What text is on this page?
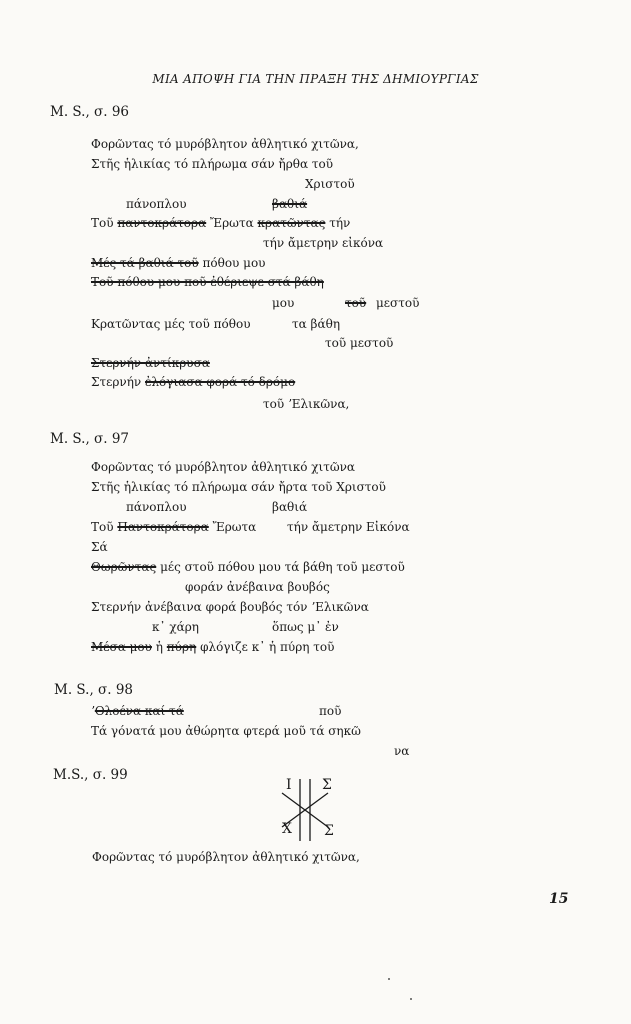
ΜΙΑ ΑΠΟΨΗ ΓΙΑ ΤΗΝ ΠΡΑΞΗ ΤΗΣ ΔΗΜΙΟΥΡΓΙΑΣ
M. S., σ. 96
Φορῶντας τό μυρόβλητον ἀθλητικό χιτῶνα,
Στῆς ἡλικίας τό πλήρωμα σάν ἤρθα τοῦ
Χριστοῦ
πάνοπλου	βαθιά
Τοῦ παντοκράτορα Ἔρωτα κρατῶντας τήν
τήν ἄμετρην εἰκόνα
Μές τά βαθιά τοῦ πόθου μου
Τοῦ πόθου μου ποῦ ἐθέριεψε στά βάθη
μου	τοῦ μεστοῦ
Κρατῶντας μές τοῦ πόθου	τα βάθη
τοῦ μεστοῦ
Στερνήν ἀντίκρυσα
Στερνήν ἐλόγιασα φορά τό δρόμο
τοῦ ʼΕλικῶνα,
M. S., σ. 97
Φορῶντας τό μυρόβλητον ἀθλητικό χιτῶνα
Στῆς ἡλικίας τό πλήρωμα σάν ἤρτα τοῦ Χριστοῦ
πάνοπλου	βαθιά
Τοῦ Παντοκράτορα Ἔρωτα	τήν ἄμετρην Εἰκόνα
Σά
Θωρῶντας μές στοῦ πόθου μου τά βάθη τοῦ μεστοῦ
φοράν ἀνέβαινα βουβός
Στερνήν ἀνέβαινα φορά βουβός τόν ʼΕλικῶνα
κ᾽ χάρη	ὅπως μ᾽ ἐν
Μέσα μου ἡ πύρη φλόγιζε κ᾽ ἡ πύρη τοῦ
M. S., σ. 98
ʼΟλοένα καί τά	ποῦ
Τά γόνατά μου ἀθώρητα φτερά μοῦ τά σηκῶ
να
M.S., σ. 99
Ι Σ
Χ Σ
Φορῶντας τό μυρόβλητον ἀθλητικό χιτῶνα,
15
